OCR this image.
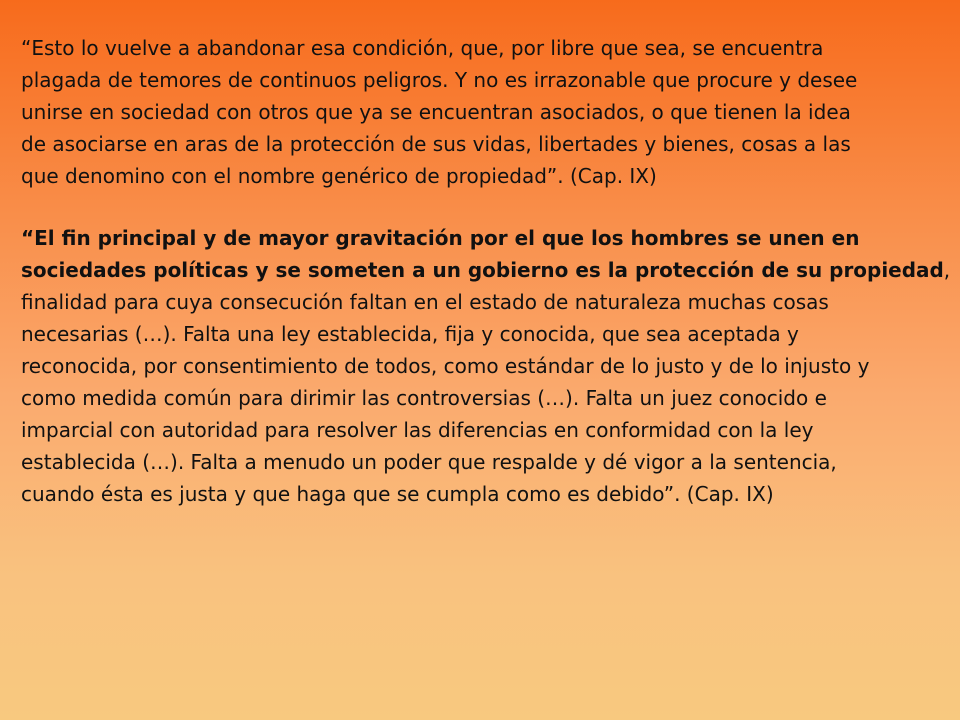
“Esto lo vuelve a abandonar esa condición, que, por libre que sea, se encuentra
plagada de temores de continuos peligros. Y no es irrazonable que procure y desee
unirse en sociedad con otros que ya se encuentran asociados, o que tienen la idea
de asociarse en aras de la protección de sus vidas, libertades y bienes, cosas a las
que denomino con el nombre genérico de propiedad”. (Cap. IX)

“El fin principal y de mayor gravitación por el que los hombres se unen en
sociedades políticas y se someten a un gobierno es la protección de su propiedad,
finalidad para cuya consecución faltan en el estado de naturaleza muchas cosas
necesarias (…). Falta una ley establecida, fija y conocida, que sea aceptada y
reconocida, por consentimiento de todos, como estándar de lo justo y de lo injusto y
como medida común para dirimir las controversias (…). Falta un juez conocido e
imparcial con autoridad para resolver las diferencias en conformidad con la ley
establecida (…). Falta a menudo un poder que respalde y dé vigor a la sentencia,
cuando ésta es justa y que haga que se cumpla como es debido”. (Cap. IX)
